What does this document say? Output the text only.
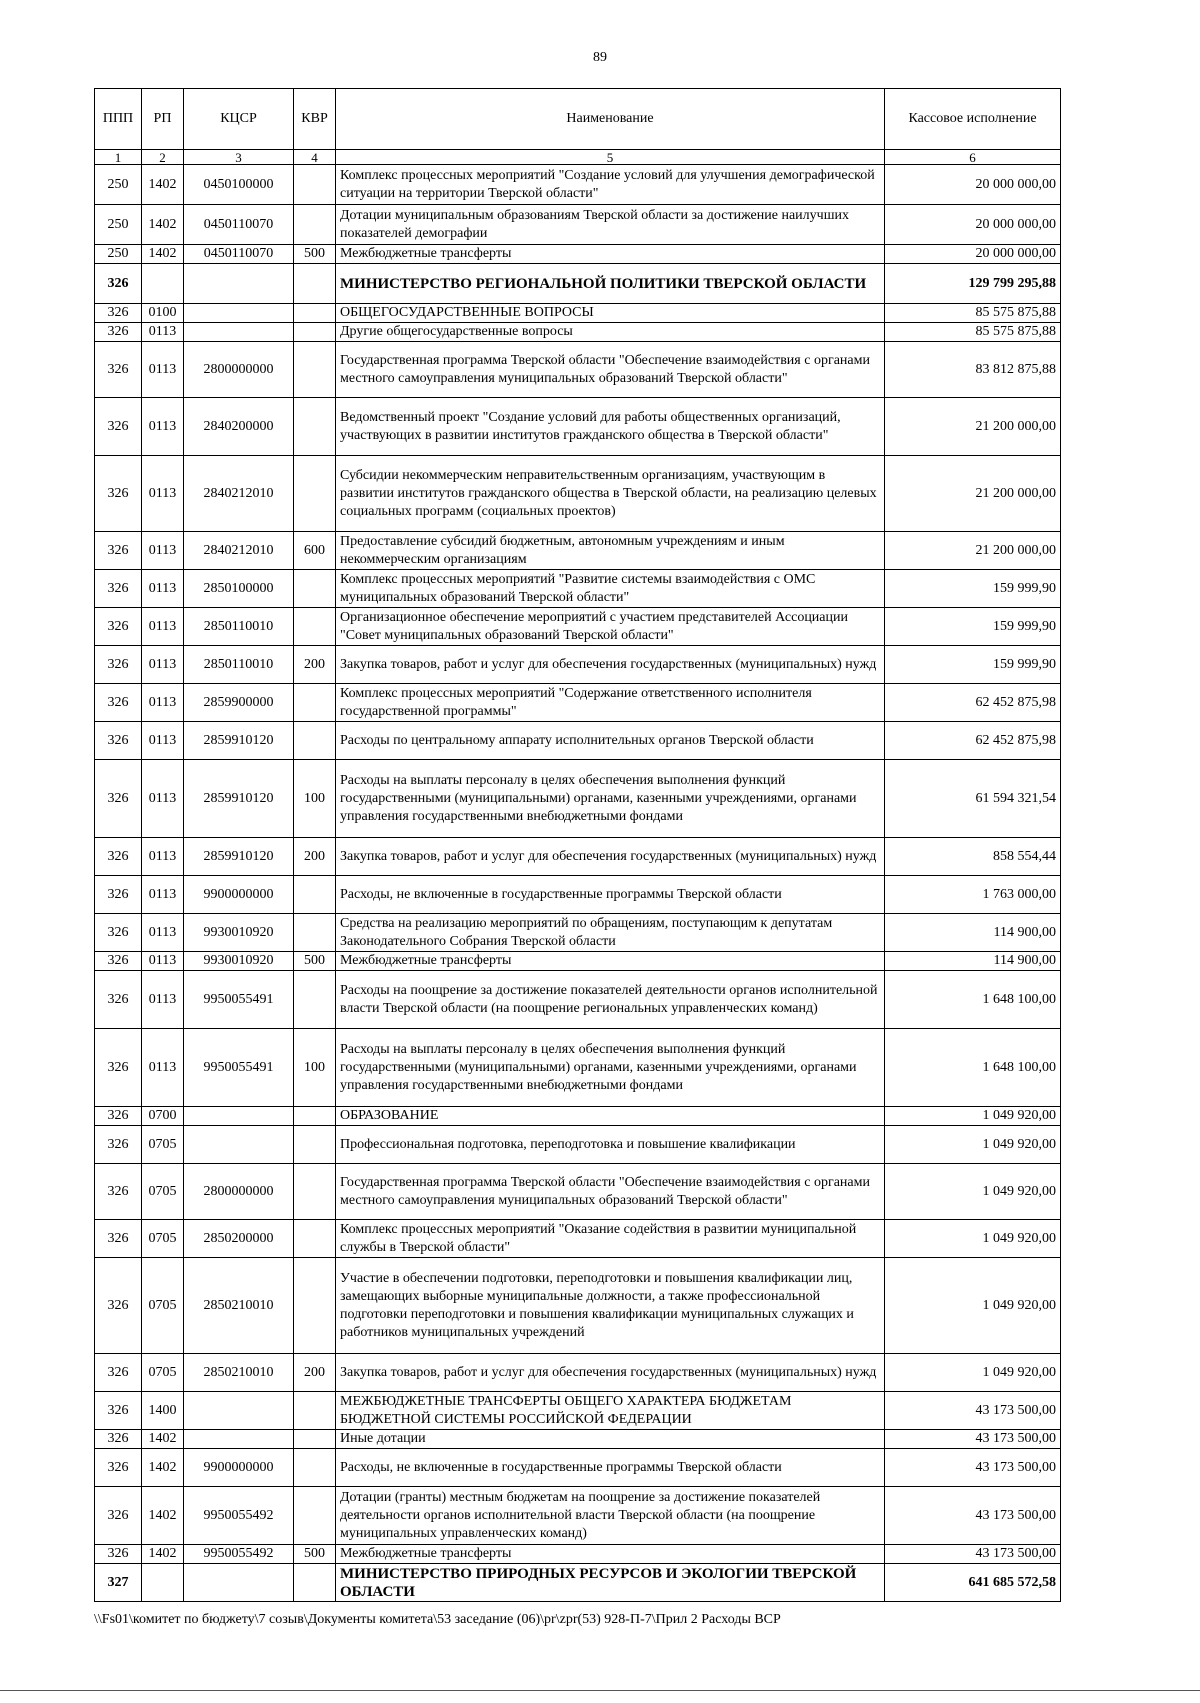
89
ППП	РП	КЦСР	КВР	Наименование	Кассовое исполнение
1	2	3	4	5	6
250	1402	0450100000		Комплекс процессных мероприятий "Создание условий для улучшения демографической ситуации на территории Тверской области"	20 000 000,00
250	1402	0450110070		Дотации муниципальным образованиям Тверской области за достижение наилучших показателей демографии	20 000 000,00
250	1402	0450110070	500	Межбюджетные трансферты	20 000 000,00
326				МИНИСТЕРСТВО РЕГИОНАЛЬНОЙ ПОЛИТИКИ ТВЕРСКОЙ ОБЛАСТИ	129 799 295,88
326	0100			ОБЩЕГОСУДАРСТВЕННЫЕ ВОПРОСЫ	85 575 875,88
326	0113			Другие общегосударственные вопросы	85 575 875,88
326	0113	2800000000		Государственная программа Тверской области "Обеспечение взаимодействия с органами местного самоуправления муниципальных образований Тверской области"	83 812 875,88
326	0113	2840200000		Ведомственный проект "Создание условий для работы общественных организаций, участвующих в развитии институтов гражданского общества в Тверской области"	21 200 000,00
326	0113	2840212010		Субсидии некоммерческим неправительственным организациям, участвующим в развитии институтов гражданского общества в Тверской области, на реализацию целевых социальных программ (социальных проектов)	21 200 000,00
326	0113	2840212010	600	Предоставление субсидий бюджетным, автономным учреждениям и иным некоммерческим организациям	21 200 000,00
326	0113	2850100000		Комплекс процессных мероприятий "Развитие системы взаимодействия с ОМС муниципальных образований Тверской области"	159 999,90
326	0113	2850110010		Организационное обеспечение мероприятий с участием представителей Ассоциации "Совет муниципальных образований Тверской области"	159 999,90
326	0113	2850110010	200	Закупка товаров, работ и услуг для обеспечения государственных (муниципальных) нужд	159 999,90
326	0113	2859900000		Комплекс процессных мероприятий "Содержание ответственного исполнителя государственной программы"	62 452 875,98
326	0113	2859910120		Расходы по центральному аппарату исполнительных органов Тверской области	62 452 875,98
326	0113	2859910120	100	Расходы на выплаты персоналу в целях обеспечения выполнения функций государственными (муниципальными) органами, казенными учреждениями, органами управления государственными внебюджетными фондами	61 594 321,54
326	0113	2859910120	200	Закупка товаров, работ и услуг для обеспечения государственных (муниципальных) нужд	858 554,44
326	0113	9900000000		Расходы, не включенные в государственные программы Тверской области	1 763 000,00
326	0113	9930010920		Средства на реализацию мероприятий по обращениям, поступающим к депутатам Законодательного Собрания Тверской области	114 900,00
326	0113	9930010920	500	Межбюджетные трансферты	114 900,00
326	0113	9950055491		Расходы на поощрение за достижение показателей деятельности органов исполнительной власти Тверской области (на поощрение региональных управленческих команд)	1 648 100,00
326	0113	9950055491	100	Расходы на выплаты персоналу в целях обеспечения выполнения функций государственными (муниципальными) органами, казенными учреждениями, органами управления государственными внебюджетными фондами	1 648 100,00
326	0700			ОБРАЗОВАНИЕ	1 049 920,00
326	0705			Профессиональная подготовка, переподготовка и повышение квалификации	1 049 920,00
326	0705	2800000000		Государственная программа Тверской области "Обеспечение взаимодействия с органами местного самоуправления муниципальных образований Тверской области"	1 049 920,00
326	0705	2850200000		Комплекс процессных мероприятий "Оказание содействия в развитии муниципальной службы в Тверской области"	1 049 920,00
326	0705	2850210010		Участие в обеспечении подготовки, переподготовки и повышения квалификации лиц, замещающих выборные муниципальные должности, а также профессиональной подготовки переподготовки и повышения квалификации муниципальных служащих и работников муниципальных учреждений	1 049 920,00
326	0705	2850210010	200	Закупка товаров, работ и услуг для обеспечения государственных (муниципальных) нужд	1 049 920,00
326	1400			МЕЖБЮДЖЕТНЫЕ ТРАНСФЕРТЫ ОБЩЕГО ХАРАКТЕРА БЮДЖЕТАМ БЮДЖЕТНОЙ СИСТЕМЫ РОССИЙСКОЙ ФЕДЕРАЦИИ	43 173 500,00
326	1402			Иные дотации	43 173 500,00
326	1402	9900000000		Расходы, не включенные в государственные программы Тверской области	43 173 500,00
326	1402	9950055492		Дотации (гранты) местным бюджетам на поощрение за достижение показателей деятельности органов исполнительной власти Тверской области (на поощрение муниципальных управленческих команд)	43 173 500,00
326	1402	9950055492	500	Межбюджетные трансферты	43 173 500,00
327				МИНИСТЕРСТВО ПРИРОДНЫХ РЕСУРСОВ И ЭКОЛОГИИ ТВЕРСКОЙ ОБЛАСТИ	641 685 572,58
\\Fs01\комитет по бюджету\7 созыв\Документы комитета\53 заседание (06)\pr\zpr(53) 928-П-7\Прил 2 Расходы ВСР
